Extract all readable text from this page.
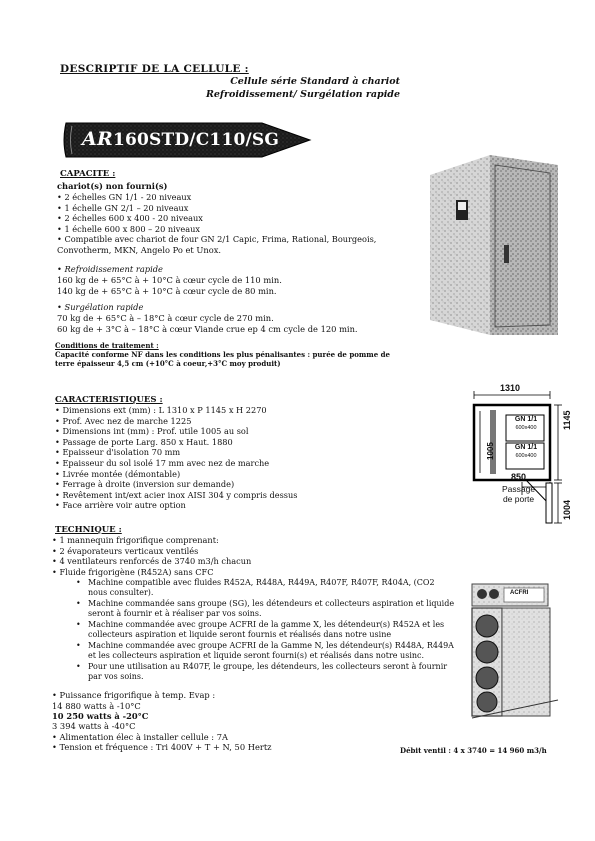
DESCRIPTIF DE LA CELLULE :
Cellule série Standard à chariot
Refroidissement/ Surgélation rapide
AR160STD/C110/SG
CAPACITE :
chariot(s) non fourni(s)
• 2 échelles GN 1/1 - 20 niveaux
• 1 échelle GN 2/1 – 20 niveaux
• 2 échelles 600 x 400 - 20 niveaux
• 1 échelle 600 x 800 – 20 niveaux
• Compatible avec chariot de four GN 2/1 Capic, Frima, Rational, Bourgeois,
Convotherm, MKN, Angelo Po et Unox.
• Refroidissement rapide
160 kg de + 65°C à + 10°C à cœur cycle de 110 min.
140 kg de + 65°C à + 10°C à cœur cycle de 80 min.
• Surgélation rapide
70 kg de + 65°C à – 18°C à cœur cycle de 270 min.
60 kg de + 3°C à – 18°C à cœur Viande crue ep 4 cm cycle de 120 min.
Conditions de traitement :
Capacité conforme NF dans les conditions les plus pénalisantes : purée de pomme de
terre épaisseur 4,5 cm (+10°C à coeur,+3°C moy produit)
CARACTERISTIQUES :
• Dimensions ext (mm) : L 1310 x P 1145 x H 2270
• Prof. Avec nez de marche 1225
• Dimensions int (mm) : Prof. utile 1005 au sol
• Passage de porte Larg. 850 x Haut. 1880
• Epaisseur d'isolation 70 mm
• Epaisseur du sol isolé 17 mm avec nez de marche
• Livrée montée (démontable)
• Ferrage à droite (inversion sur demande)
• Revêtement int/ext acier inox AISI 304 y compris dessus
• Face arrière voir autre option
TECHNIQUE :
• 1 mannequin frigorifique comprenant:
• 2 évaporateurs verticaux ventilés
• 4 ventilateurs renforcés de 3740 m3/h chacun
• Fluide frigorigène (R452A) sans CFC
• Machine compatible avec fluides R452A, R448A, R449A, R407F, R407F, R404A, (CO2 nous consulter).
• Machine commandée sans groupe (SG), les détendeurs et collecteurs aspiration et liquide seront à fournir et à réaliser par vos soins.
• Machine commandée avec groupe ACFRI de la gamme X, les détendeur(s) R452A et les collecteurs aspiration et liquide seront fournis et réalisés dans notre usine
• Machine commandée avec groupe ACFRI de la Gamme N, les détendeur(s) R448A, R449A et les collecteurs aspiration et liquide seront fourni(s) et réalisés dans notre usinc.
• Pour une utilisation au R407F, le groupe, les détendeurs, les collecteurs seront à fournir par vos soins.
• Puissance frigorifique à temp. Evap :
14 880 watts à -10°C
10 250 watts à -20°C
3 394 watts à -40°C
• Alimentation élec à installer cellule : 7A
• Tension et fréquence : Tri 400V + T + N, 50 Hertz	Débit ventil : 4 x 3740 = 14 960 m3/h
1310
1145
1005
GN 1/1
600x400
GN 1/1
600x400
850
Passage
de porte
1004
ACFRI
